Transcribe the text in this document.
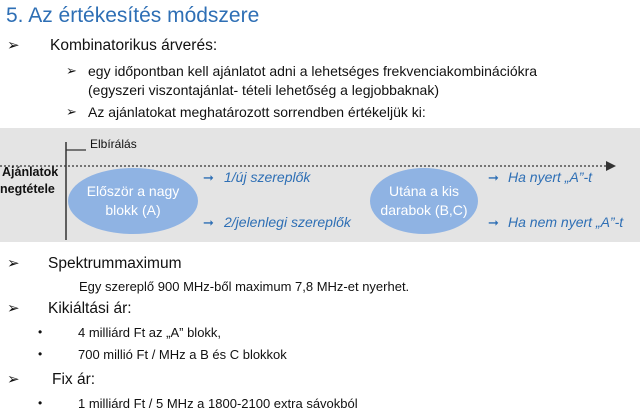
5. Az értékesítés módszere
➢ Kombinatorikus árverés:
➢ egy időpontban kell ajánlatot adni a lehetséges frekvenciakombinációkra
(egyszeri viszontajánlat- tételi lehetőség a legjobbaknak)
➢ Az ajánlatokat meghatározott sorrendben értékeljük ki:
Ajánlatok
negtétele
Elbírálás
Először a nagy
blokk (A)
Utána a kis
darabok (B,C)
➞ 1/új szereplők
➞ 2/jelenlegi szereplők
➞ Ha nyert „A”-t
➞ Ha nem nyert „A”-t
➢ Spektrummaximum
Egy szereplő 900 MHz-ből maximum 7,8 MHz-et nyerhet.
➢ Kikiáltási ár:
•	4 milliárd Ft az „A” blokk,
•	700 millió Ft / MHz a B és C blokkok
➢ Fix ár:
•	1 milliárd Ft / 5 MHz a 1800-2100 extra sávokból
